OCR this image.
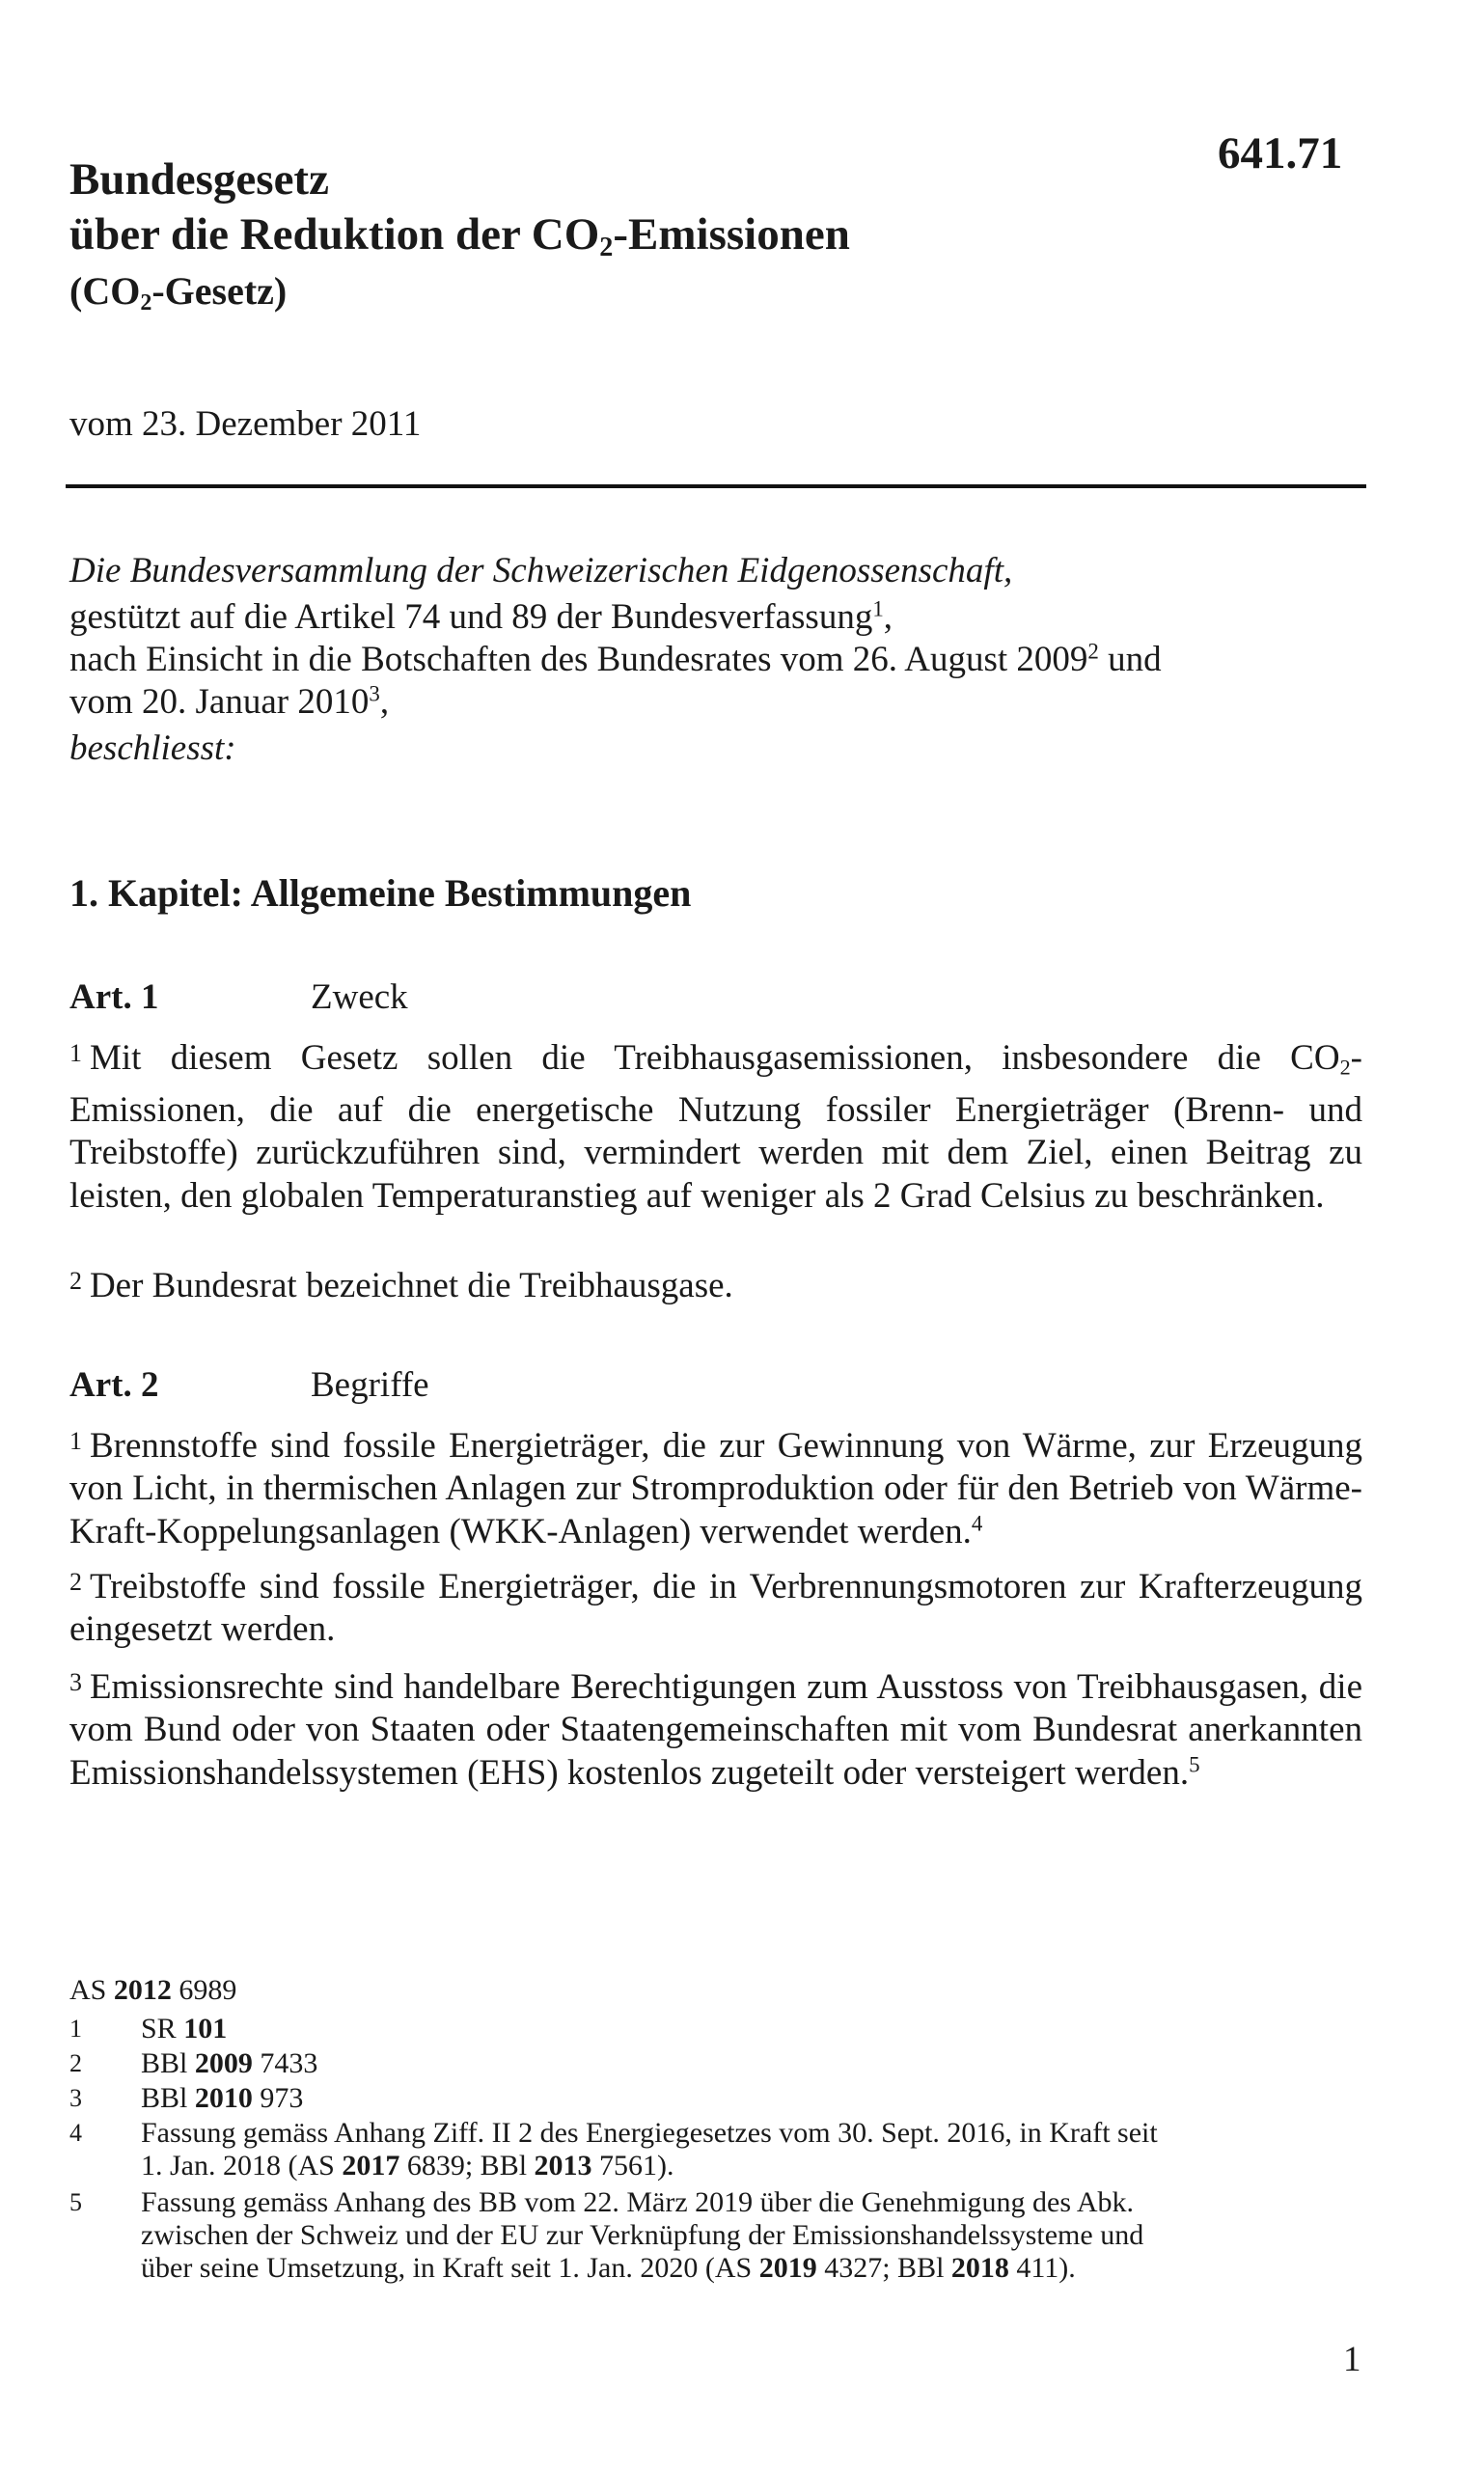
Bundesgesetz
über die Reduktion der $CO_2$-Emissionen
$(CO_2-Gesetz)$
641.71
vom 23. Dezember 2011
Die Bundesversammlung der Schweizerischen Eidgenossenschaft,
gestützt auf die Artikel 74 und 89 der Bundesverfassung$^1$,
nach Einsicht in die Botschaften des Bundesrates vom 26. August 2009$^2$ und
vom 20. Januar 2010$^3$,
beschliesst:
1. Kapitel: Allgemeine Bestimmungen
Art. 1	Zweck
$^1$ Mit diesem Gesetz sollen die Treibhausgasemissionen, insbesondere die $CO_2$-Emissionen, die auf die energetische Nutzung fossiler Energieträger (Brenn- und Treibstoffe) zurückzuführen sind, vermindert werden mit dem Ziel, einen Beitrag zu leisten, den globalen Temperaturanstieg auf weniger als 2 Grad Celsius zu beschränken.
$^2$ Der Bundesrat bezeichnet die Treibhausgase.
Art. 2	Begriffe
$^1$ Brennstoffe sind fossile Energieträger, die zur Gewinnung von Wärme, zur Erzeugung von Licht, in thermischen Anlagen zur Stromproduktion oder für den Betrieb von Wärme-Kraft-Koppelungsanlagen (WKK-Anlagen) verwendet werden.$^4$
$^2$ Treibstoffe sind fossile Energieträger, die in Verbrennungsmotoren zur Krafterzeugung eingesetzt werden.
$^3$ Emissionsrechte sind handelbare Berechtigungen zum Ausstoss von Treibhausgasen, die vom Bund oder von Staaten oder Staatengemeinschaften mit vom Bundesrat anerkannten Emissionshandelssystemen (EHS) kostenlos zugeteilt oder versteigert werden.$^5$
AS 2012 6989
1 SR 101
2 BBl 2009 7433
3 BBl 2010 973
4 Fassung gemäss Anhang Ziff. II 2 des Energiegesetzes vom 30. Sept. 2016, in Kraft seit
1. Jan. 2018 (AS 2017 6839; BBl 2013 7561).
5 Fassung gemäss Anhang des BB vom 22. März 2019 über die Genehmigung des Abk.
zwischen der Schweiz und der EU zur Verknüpfung der Emissionshandelssysteme und
über seine Umsetzung, in Kraft seit 1. Jan. 2020 (AS 2019 4327; BBl 2018 411).
1
